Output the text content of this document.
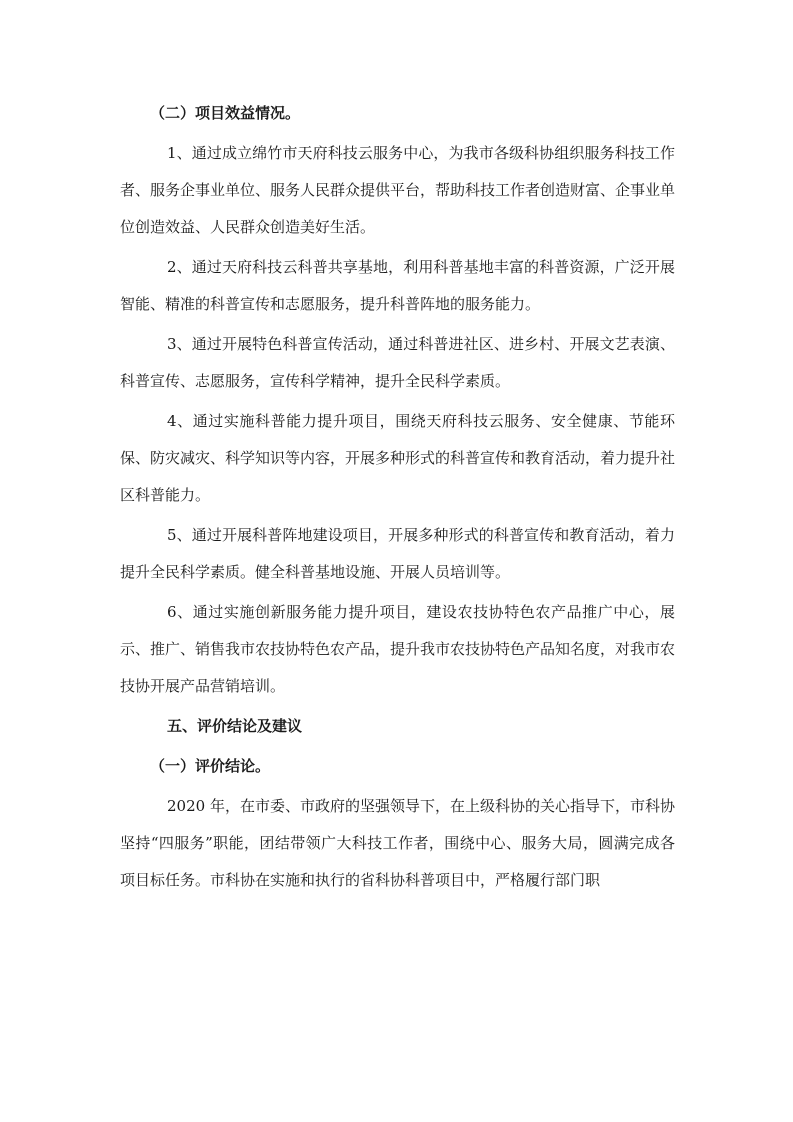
（二）项目效益情况。

1、通过成立绵竹市天府科技云服务中心，为我市各级科协组织服务科技工作者、服务企事业单位、服务人民群众提供平台，帮助科技工作者创造财富、企事业单位创造效益、人民群众创造美好生活。

2、通过天府科技云科普共享基地，利用科普基地丰富的科普资源，广泛开展智能、精准的科普宣传和志愿服务，提升科普阵地的服务能力。

3、通过开展特色科普宣传活动，通过科普进社区、进乡村、开展文艺表演、科普宣传、志愿服务，宣传科学精神，提升全民科学素质。

4、通过实施科普能力提升项目，围绕天府科技云服务、安全健康、节能环保、防灾减灾、科学知识等内容，开展多种形式的科普宣传和教育活动，着力提升社区科普能力。

5、通过开展科普阵地建设项目，开展多种形式的科普宣传和教育活动，着力提升全民科学素质。健全科普基地设施、开展人员培训等。

6、通过实施创新服务能力提升项目，建设农技协特色农产品推广中心，展示、推广、销售我市农技协特色农产品，提升我市农技协特色产品知名度，对我市农技协开展产品营销培训。

五、评价结论及建议

（一）评价结论。

2020 年，在市委、市政府的坚强领导下，在上级科协的关心指导下，市科协坚持“四服务”职能，团结带领广大科技工作者，围绕中心、服务大局，圆满完成各项目标任务。市科协在实施和执行的省科协科普项目中，严格履行部门职
